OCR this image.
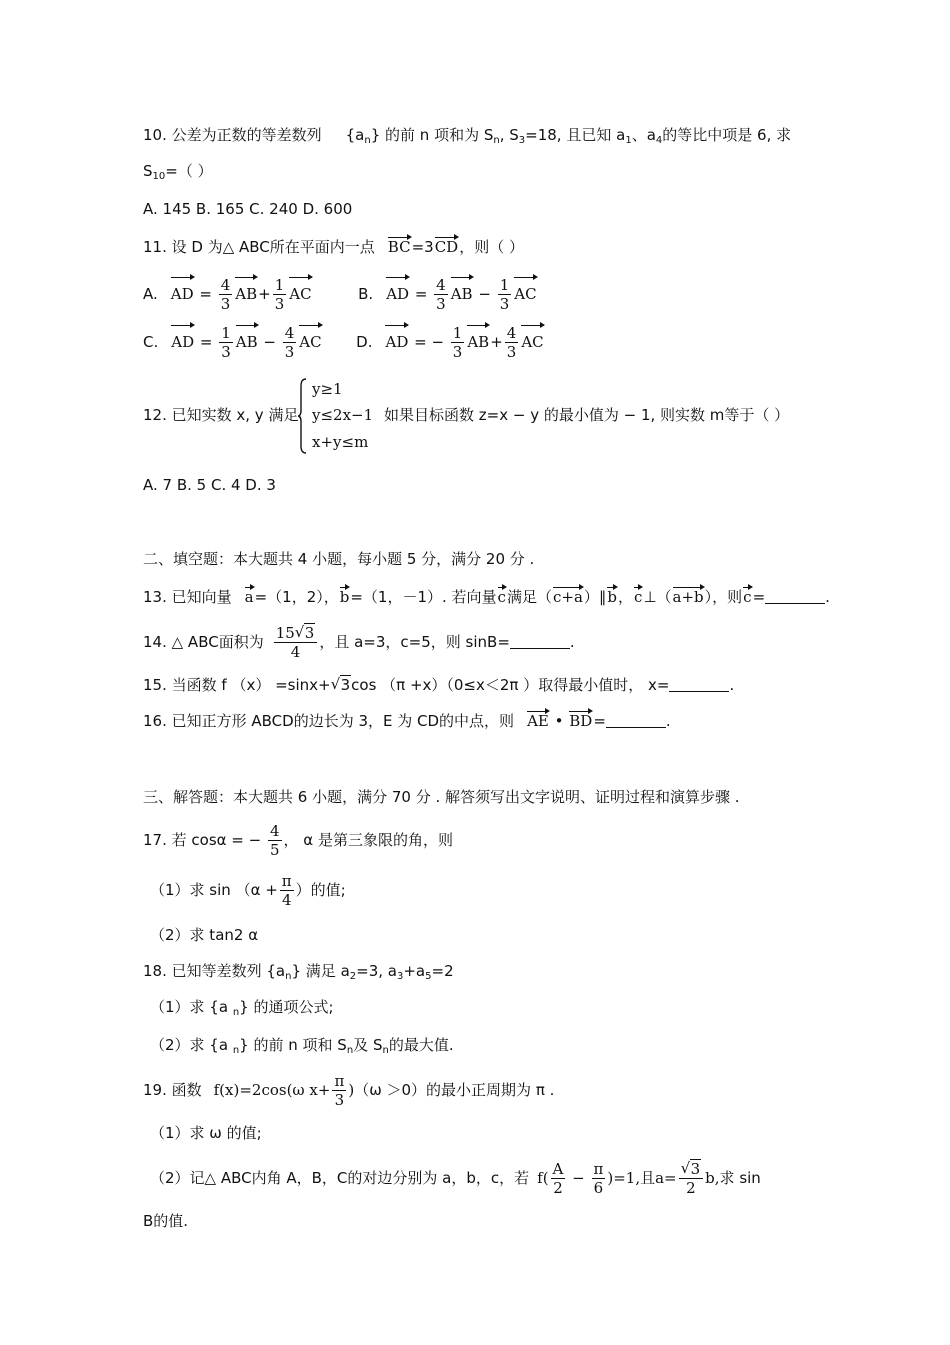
10. 公差为正数的等差数列 $\{a_n\}$ 的前 n 项和为 $S_n$, $S_3=18$, 且已知 $a_1$、$a_4$的等比中项是 6, 求
$S_{10}=$（ ）
A. 145 B. 165 C. 240 D. 600
11. 设 D 为△ ABC所在平面内一点 BC=3CD，则（ ）
A. AD = $\frac{4}{3} AB+ \frac{1}{3}$ AC	B. AD = $\frac{4}{3}$ AB − $\frac{1}{3}$ AC
C. AD = $\frac{1}{3}$ AB − $\frac{4}{3}$ AC D. AD = − $\frac{1}{3} AB+ \frac{4}{3}$ AC
12. 已知实数 x, y 满足
y≥1
y≤2x−1
x+y≤m
如果目标函数 z=x − y 的最小值为 − 1, 则实数 m等于（ ）
A. 7 B. 5 C. 4 D. 3
二、填空题：本大题共 4 小题，每小题 5 分，满分 20 分 .
13. 已知向量 a=（1，2），b=（1，－1）. 若向量c满足（c+a）∥b，c⊥（a+b），则c=	.
14. △ ABC面积为 $\frac{15 √ 3}{4}$ ，且 a=3，c=5，则 sinB=	.
15. 当函数 f （x） =sinx+ √ 3cos （π +x）（0≤x＜2π ）取得最小值时， x=	.
16. 已知正方形 ABCD的边长为 3，E 为 CD的中点，则 AE • BD=	.
三、解答题：本大题共 6 小题，满分 70 分 . 解答须写出文字说明、证明过程和演算步骤 .
17. 若 cosα = − $\frac{4}{5}$ ， α 是第三象限的角，则
（1）求 $\sin (\alpha + \frac{\pi}{4}$ ）的值;
（2）求 tan2 α
18. 已知等差数列 $\{a_n\}$ 满足 $a_2=3$, $a_3+a_5=2$
（1）求 {a $_n$} 的通项公式;
（2）求 {a $_n$} 的前 n 项和 $S_n$及 $S_n$的最大值.
19. 函数 f(x)=2cos(ω $x+ \frac{\pi}{3} )(\omega >0)$的最小正周期为 π .
（1）求 ω 的值;
（2）记△ ABC内角 A，B，C的对边分别为 a，b，c，若 $f( \frac{A}{2} - \frac{\pi}{6} )=1$,且a= √ $\frac{3}{2} b$,求 sin
B的值.
